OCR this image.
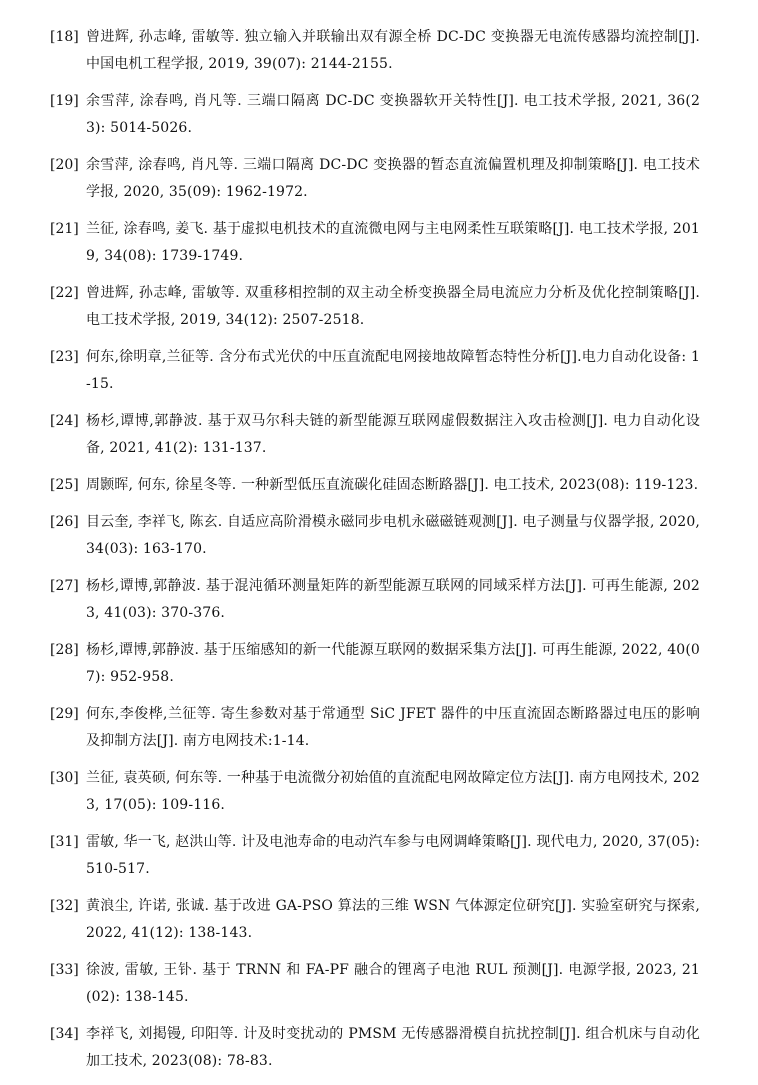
[18] 曾进辉, 孙志峰, 雷敏等. 独立输入并联输出双有源全桥 DC-DC 变换器无电流传感器均流控制[J]. 中国电机工程学报, 2019, 39(07): 2144-2155.
[19] 余雪萍, 涂春鸣, 肖凡等. 三端口隔离 DC-DC 变换器软开关特性[J]. 电工技术学报, 2021, 36(23): 5014-5026.
[20] 余雪萍, 涂春鸣, 肖凡等. 三端口隔离 DC-DC 变换器的暂态直流偏置机理及抑制策略[J]. 电工技术学报, 2020, 35(09): 1962-1972.
[21] 兰征, 涂春鸣, 姜飞. 基于虚拟电机技术的直流微电网与主电网柔性互联策略[J]. 电工技术学报, 2019, 34(08): 1739-1749.
[22] 曾进辉, 孙志峰, 雷敏等. 双重移相控制的双主动全桥变换器全局电流应力分析及优化控制策略[J]. 电工技术学报, 2019, 34(12): 2507-2518.
[23] 何东,徐明章,兰征等. 含分布式光伏的中压直流配电网接地故障暂态特性分析[J].电力自动化设备: 1-15.
[24] 杨杉,谭博,郭静波. 基于双马尔科夫链的新型能源互联网虚假数据注入攻击检测[J]. 电力自动化设备, 2021, 41(2): 131-137.
[25] 周颢晖, 何东, 徐星冬等. 一种新型低压直流碳化硅固态断路器[J]. 电工技术, 2023(08): 119-123.
[26] 目云奎, 李祥飞, 陈玄. 自适应高阶滑模永磁同步电机永磁磁链观测[J]. 电子测量与仪器学报, 2020, 34(03): 163-170.
[27] 杨杉,谭博,郭静波. 基于混沌循环测量矩阵的新型能源互联网的同域采样方法[J]. 可再生能源, 2023, 41(03): 370-376.
[28] 杨杉,谭博,郭静波. 基于压缩感知的新一代能源互联网的数据采集方法[J]. 可再生能源, 2022, 40(07): 952-958.
[29] 何东,李俊桦,兰征等. 寄生参数对基于常通型 SiC JFET 器件的中压直流固态断路器过电压的影响及抑制方法[J]. 南方电网技术:1-14.
[30] 兰征, 袁英硕, 何东等. 一种基于电流微分初始值的直流配电网故障定位方法[J]. 南方电网技术, 2023, 17(05): 109-116.
[31] 雷敏, 华一飞, 赵洪山等. 计及电池寿命的电动汽车参与电网调峰策略[J]. 现代电力, 2020, 37(05): 510-517.
[32] 黄浪尘, 许诺, 张诚. 基于改进 GA-PSO 算法的三维 WSN 气体源定位研究[J]. 实验室研究与探索, 2022, 41(12): 138-143.
[33] 徐波, 雷敏, 王钋. 基于 TRNN 和 FA-PF 融合的锂离子电池 RUL 预测[J]. 电源学报, 2023, 21(02): 138-145.
[34] 李祥飞, 刘掲镘, 印阳等. 计及时变扰动的 PMSM 无传感器滑模自抗扰控制[J]. 组合机床与自动化加工技术, 2023(08): 78-83.
